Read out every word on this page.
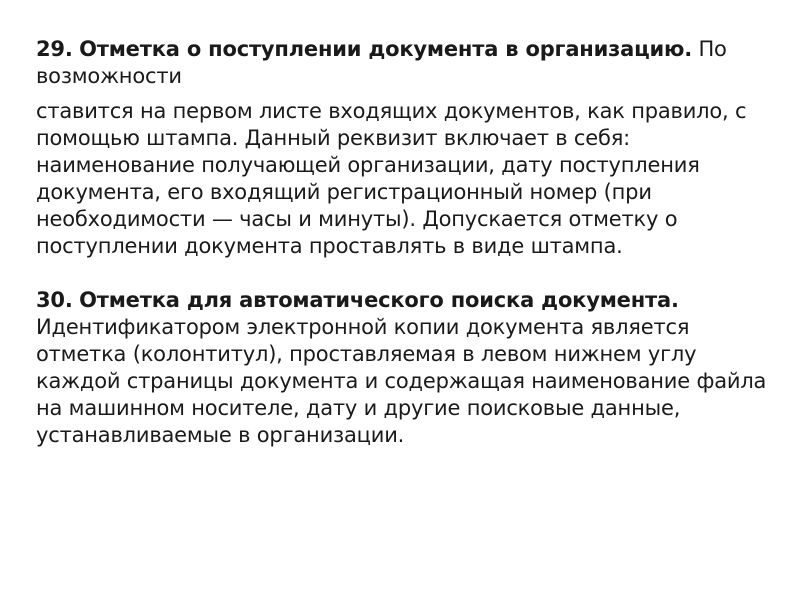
29. Отметка о поступлении документа в организацию. По возможности

ставится на первом листе входящих документов, как правило, с помощью штампа. Данный реквизит включает в себя: наименование получающей организации, дату поступления документа, его входящий регистрационный номер (при необходимости — часы и минуты). Допускается отметку о поступлении документа проставлять в виде штампа.

30. Отметка для автоматического поиска документа. Идентификатором электронной копии документа является отметка (колонтитул), проставляемая в левом нижнем углу каждой страницы документа и содержащая наименование файла на машинном носителе, дату и другие поисковые данные, устанавливаемые в организации.
